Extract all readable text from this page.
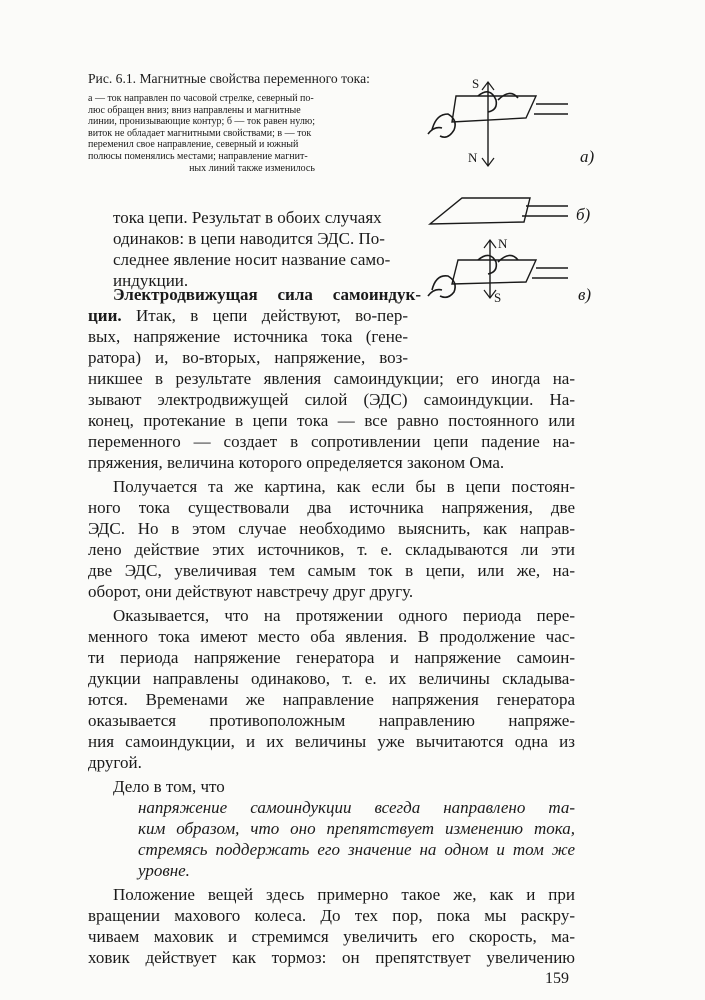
Рис. 6.1. Магнитные свойства переменного тока:

а — ток направлен по часовой стрелке, северный по-

люс обращен вниз; вниз направлены и магнитные

линии, пронизывающие контур; б — ток равен нулю;

виток не обладает магнитными свойствами; в — ток

переменил свое направление, северный и южный

полюсы поменялись местами; направление магнит-

ных линий также изменилось

S
N
N
S
а)
б)
в)

тока цепи. Результат в обоих случаях

одинаков: в цепи наводится ЭДС. По-

следнее явление носит название само-

индукции.

Электродвижущая сила самоиндук-

ции. Итак, в цепи действуют, во-пер-

вых, напряжение источника тока (гене-

ратора) и, во-вторых, напряжение, воз-

никшее в результате явления самоиндукции; его иногда на-

зывают электродвижущей силой (ЭДС) самоиндукции. На-

конец, протекание в цепи тока — все равно постоянного или

переменного — создает в сопротивлении цепи падение на-

пряжения, величина которого определяется законом Ома.

Получается та же картина, как если бы в цепи постоян-

ного тока существовали два источника напряжения, две

ЭДС. Но в этом случае необходимо выяснить, как направ-

лено действие этих источников, т. е. складываются ли эти

две ЭДС, увеличивая тем самым ток в цепи, или же, на-

оборот, они действуют навстречу друг другу.

Оказывается, что на протяжении одного периода пере-

менного тока имеют место оба явления. В продолжение час-

ти периода напряжение генератора и напряжение самоин-

дукции направлены одинаково, т. е. их величины складыва-

ются. Временами же направление напряжения генератора

оказывается противоположным направлению напряже-

ния самоиндукции, и их величины уже вычитаются одна из

другой.

Дело в том, что

напряжение самоиндукции всегда направлено та-

ким образом, что оно препятствует изменению тока,

стремясь поддержать его значение на одном и том же

уровне.

Положение вещей здесь примерно такое же, как и при

вращении махового колеса. До тех пор, пока мы раскру-

чиваем маховик и стремимся увеличить его скорость, ма-

ховик действует как тормоз: он препятствует увеличению

159
